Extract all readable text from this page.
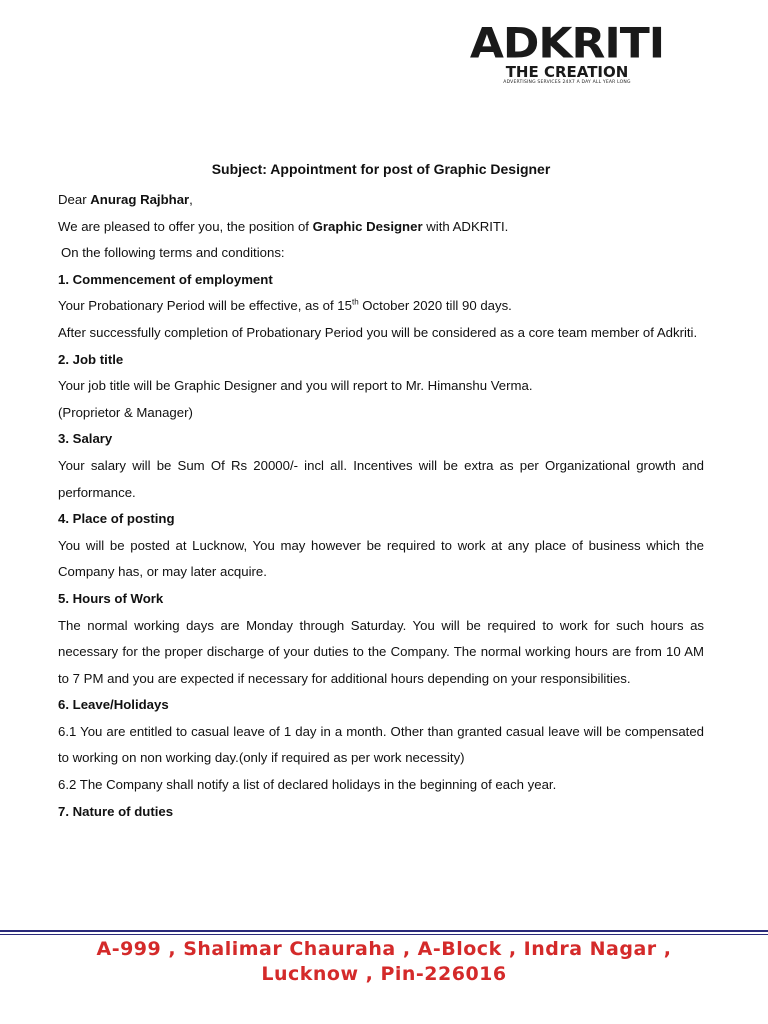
ADKRITI
THE CREATION
ADVERTISING SERVICES 24X7 A DAY ALL YEAR LONG

Subject: Appointment for post of Graphic Designer

Dear Anurag Rajbhar,

We are pleased to offer you, the position of Graphic Designer with ADKRITI.

On the following terms and conditions:

1. Commencement of employment

Your Probationary Period will be effective, as of 15th October 2020 till 90 days.

After successfully completion of Probationary Period you will be considered as a core team member of Adkriti.

2. Job title

Your job title will be Graphic Designer and you will report to Mr. Himanshu Verma.

(Proprietor & Manager)

3. Salary

Your salary will be Sum Of Rs 20000/- incl all. Incentives will be extra as per Organizational growth and performance.

4. Place of posting

You will be posted at Lucknow, You may however be required to work at any place of business which the Company has, or may later acquire.

5. Hours of Work

The normal working days are Monday through Saturday. You will be required to work for such hours as necessary for the proper discharge of your duties to the Company. The normal working hours are from 10 AM to 7 PM and you are expected if necessary for additional hours depending on your responsibilities.

6. Leave/Holidays

6.1 You are entitled to casual leave of 1 day in a month. Other than granted casual leave will be compensated to working on non working day.(only if required as per work necessity)

6.2 The Company shall notify a list of declared holidays in the beginning of each year.

7. Nature of duties

A-999 , Shalimar Chauraha , A-Block , Indra Nagar ,
Lucknow , Pin-226016
